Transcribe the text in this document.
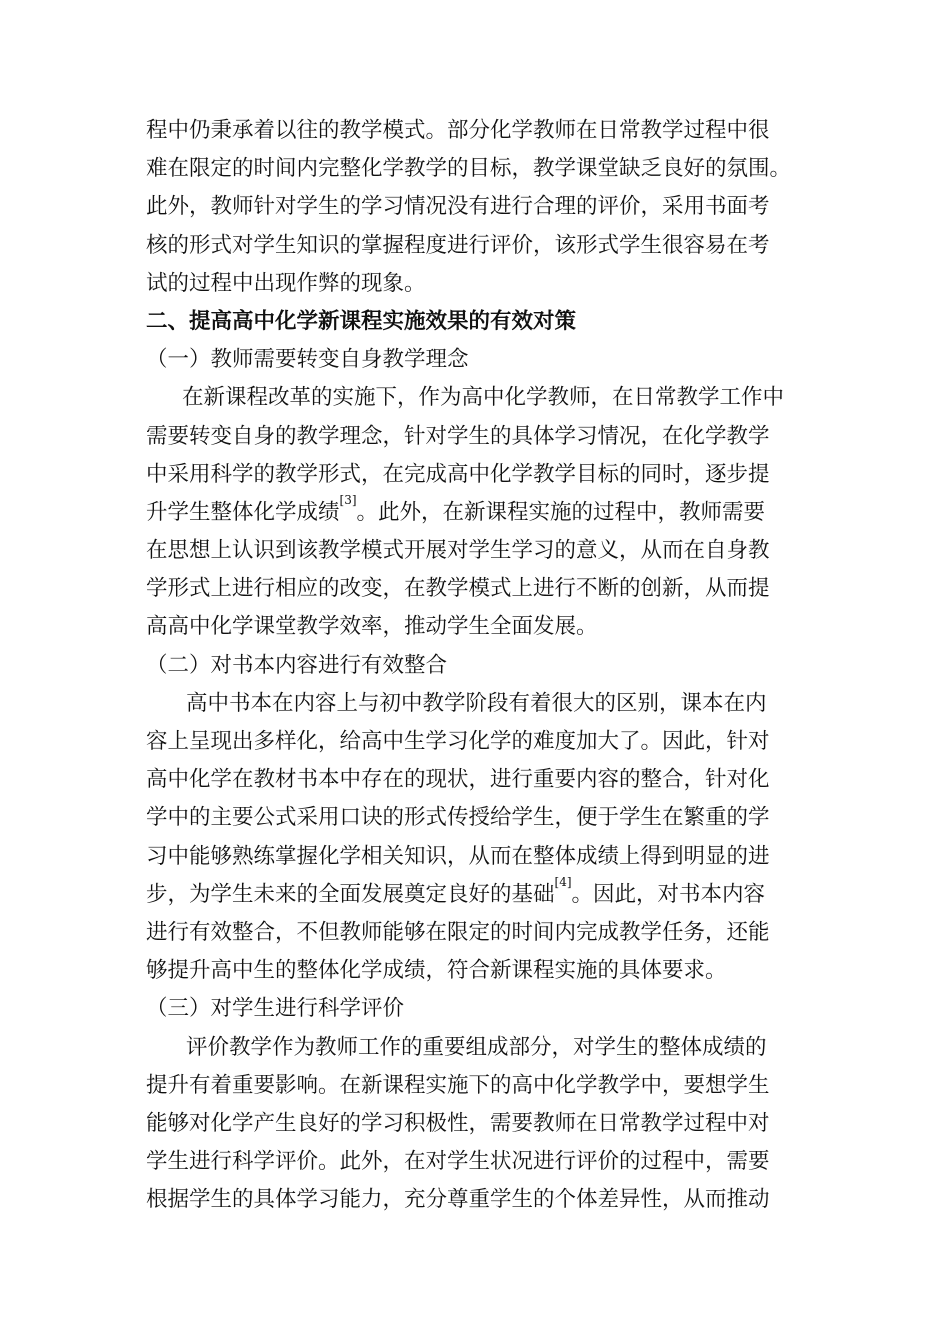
程中仍秉承着以往的教学模式。部分化学教师在日常教学过程中很
难在限定的时间内完整化学教学的目标，教学课堂缺乏良好的氛围。
此外，教师针对学生的学习情况没有进行合理的评价，采用书面考
核的形式对学生知识的掌握程度进行评价，该形式学生很容易在考
试的过程中出现作弊的现象。
二、提高高中化学新课程实施效果的有效对策
（一）教师需要转变自身教学理念
在新课程改革的实施下，作为高中化学教师，在日常教学工作中
需要转变自身的教学理念，针对学生的具体学习情况，在化学教学
中采用科学的教学形式，在完成高中化学教学目标的同时，逐步提
升学生整体化学成绩[3]。此外，在新课程实施的过程中，教师需要
在思想上认识到该教学模式开展对学生学习的意义，从而在自身教
学形式上进行相应的改变，在教学模式上进行不断的创新，从而提
高高中化学课堂教学效率，推动学生全面发展。
（二）对书本内容进行有效整合
高中书本在内容上与初中教学阶段有着很大的区别，课本在内
容上呈现出多样化，给高中生学习化学的难度加大了。因此，针对
高中化学在教材书本中存在的现状，进行重要内容的整合，针对化
学中的主要公式采用口诀的形式传授给学生，便于学生在繁重的学
习中能够熟练掌握化学相关知识，从而在整体成绩上得到明显的进
步，为学生未来的全面发展奠定良好的基础[4]。因此，对书本内容
进行有效整合，不但教师能够在限定的时间内完成教学任务，还能
够提升高中生的整体化学成绩，符合新课程实施的具体要求。
（三）对学生进行科学评价
评价教学作为教师工作的重要组成部分，对学生的整体成绩的
提升有着重要影响。在新课程实施下的高中化学教学中，要想学生
能够对化学产生良好的学习积极性，需要教师在日常教学过程中对
学生进行科学评价。此外，在对学生状况进行评价的过程中，需要
根据学生的具体学习能力，充分尊重学生的个体差异性，从而推动
